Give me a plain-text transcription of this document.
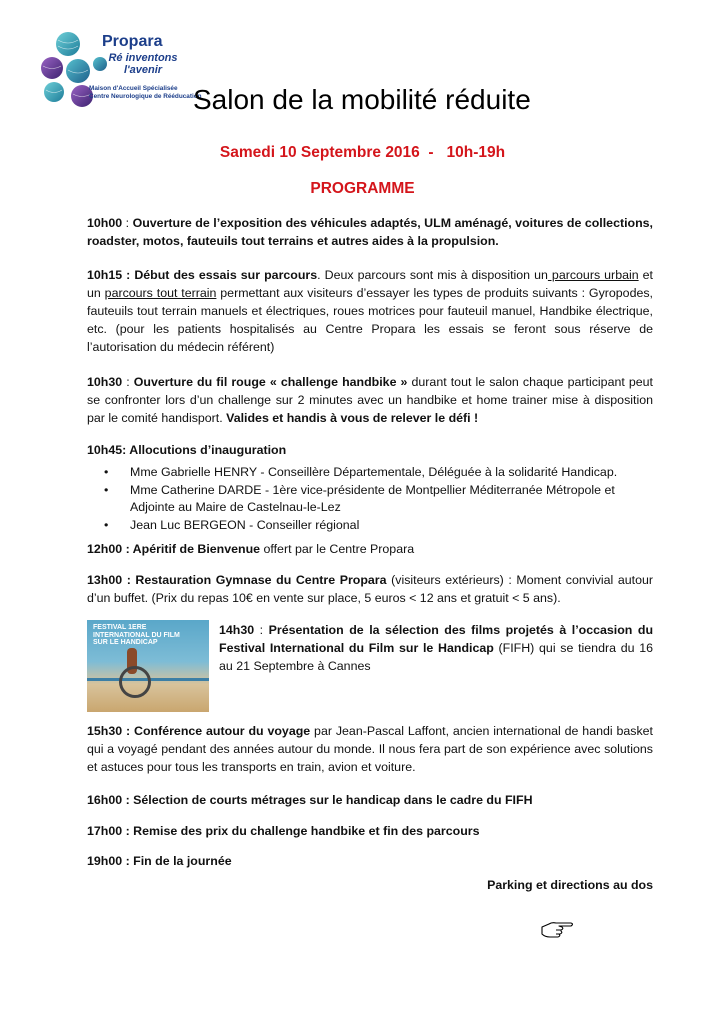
Propara
Ré inventons
l'avenir
Maison d'Accueil Spécialisée
Centre Neurologique de Rééducation
Salon de la mobilité réduite
Samedi 10 Septembre 2016  -   10h-19h
PROGRAMME
10h00 : Ouverture de l’exposition des véhicules adaptés, ULM aménagé, voitures de collections, roadster, motos, fauteuils tout terrains et autres aides à la propulsion.
10h15 : Début des essais sur parcours. Deux parcours sont mis à disposition un parcours urbain et un parcours tout terrain permettant aux visiteurs d’essayer les types de produits suivants : Gyropodes, fauteuils tout terrain manuels et électriques, roues motrices pour fauteuil manuel, Handbike électrique, etc. (pour les patients hospitalisés au Centre Propara les essais se feront sous réserve de l’autorisation du médecin référent)
10h30 : Ouverture du fil rouge « challenge handbike » durant tout le salon chaque participant peut se confronter lors d’un challenge sur 2 minutes avec un handbike et home trainer mise à disposition par le comité handisport. Valides et handis à vous de relever le défi !
10h45: Allocutions d’inauguration
• Mme Gabrielle HENRY - Conseillère Départementale, Déléguée à la solidarité Handicap.
• Mme Catherine DARDE - 1ère vice-présidente de Montpellier Méditerranée Métropole et Adjointe au Maire de Castelnau-le-Lez
• Jean Luc BERGEON - Conseiller régional
12h00 : Apéritif de Bienvenue offert par le Centre Propara
13h00 : Restauration Gymnase du Centre Propara (visiteurs extérieurs) : Moment convivial autour d’un buffet. (Prix du repas 10€ en vente sur place, 5 euros < 12 ans et gratuit < 5 ans).
FESTIVAL 1ERE INTERNATIONAL DU FILM SUR LE HANDICAP
14h30 : Présentation de la sélection des films projetés à l’occasion du Festival International du Film sur le Handicap (FIFH) qui se tiendra du 16 au 21 Septembre à Cannes
15h30 : Conférence autour du voyage par Jean-Pascal Laffont, ancien international de handi basket qui a voyagé pendant des années autour du monde. Il nous fera part de son expérience avec solutions et astuces pour tous les transports en train, avion et voiture.
16h00 : Sélection de courts métrages sur le handicap dans le cadre du FIFH
17h00 : Remise des prix du challenge handbike et fin des parcours
19h00 : Fin de la journée
Parking et directions au dos
